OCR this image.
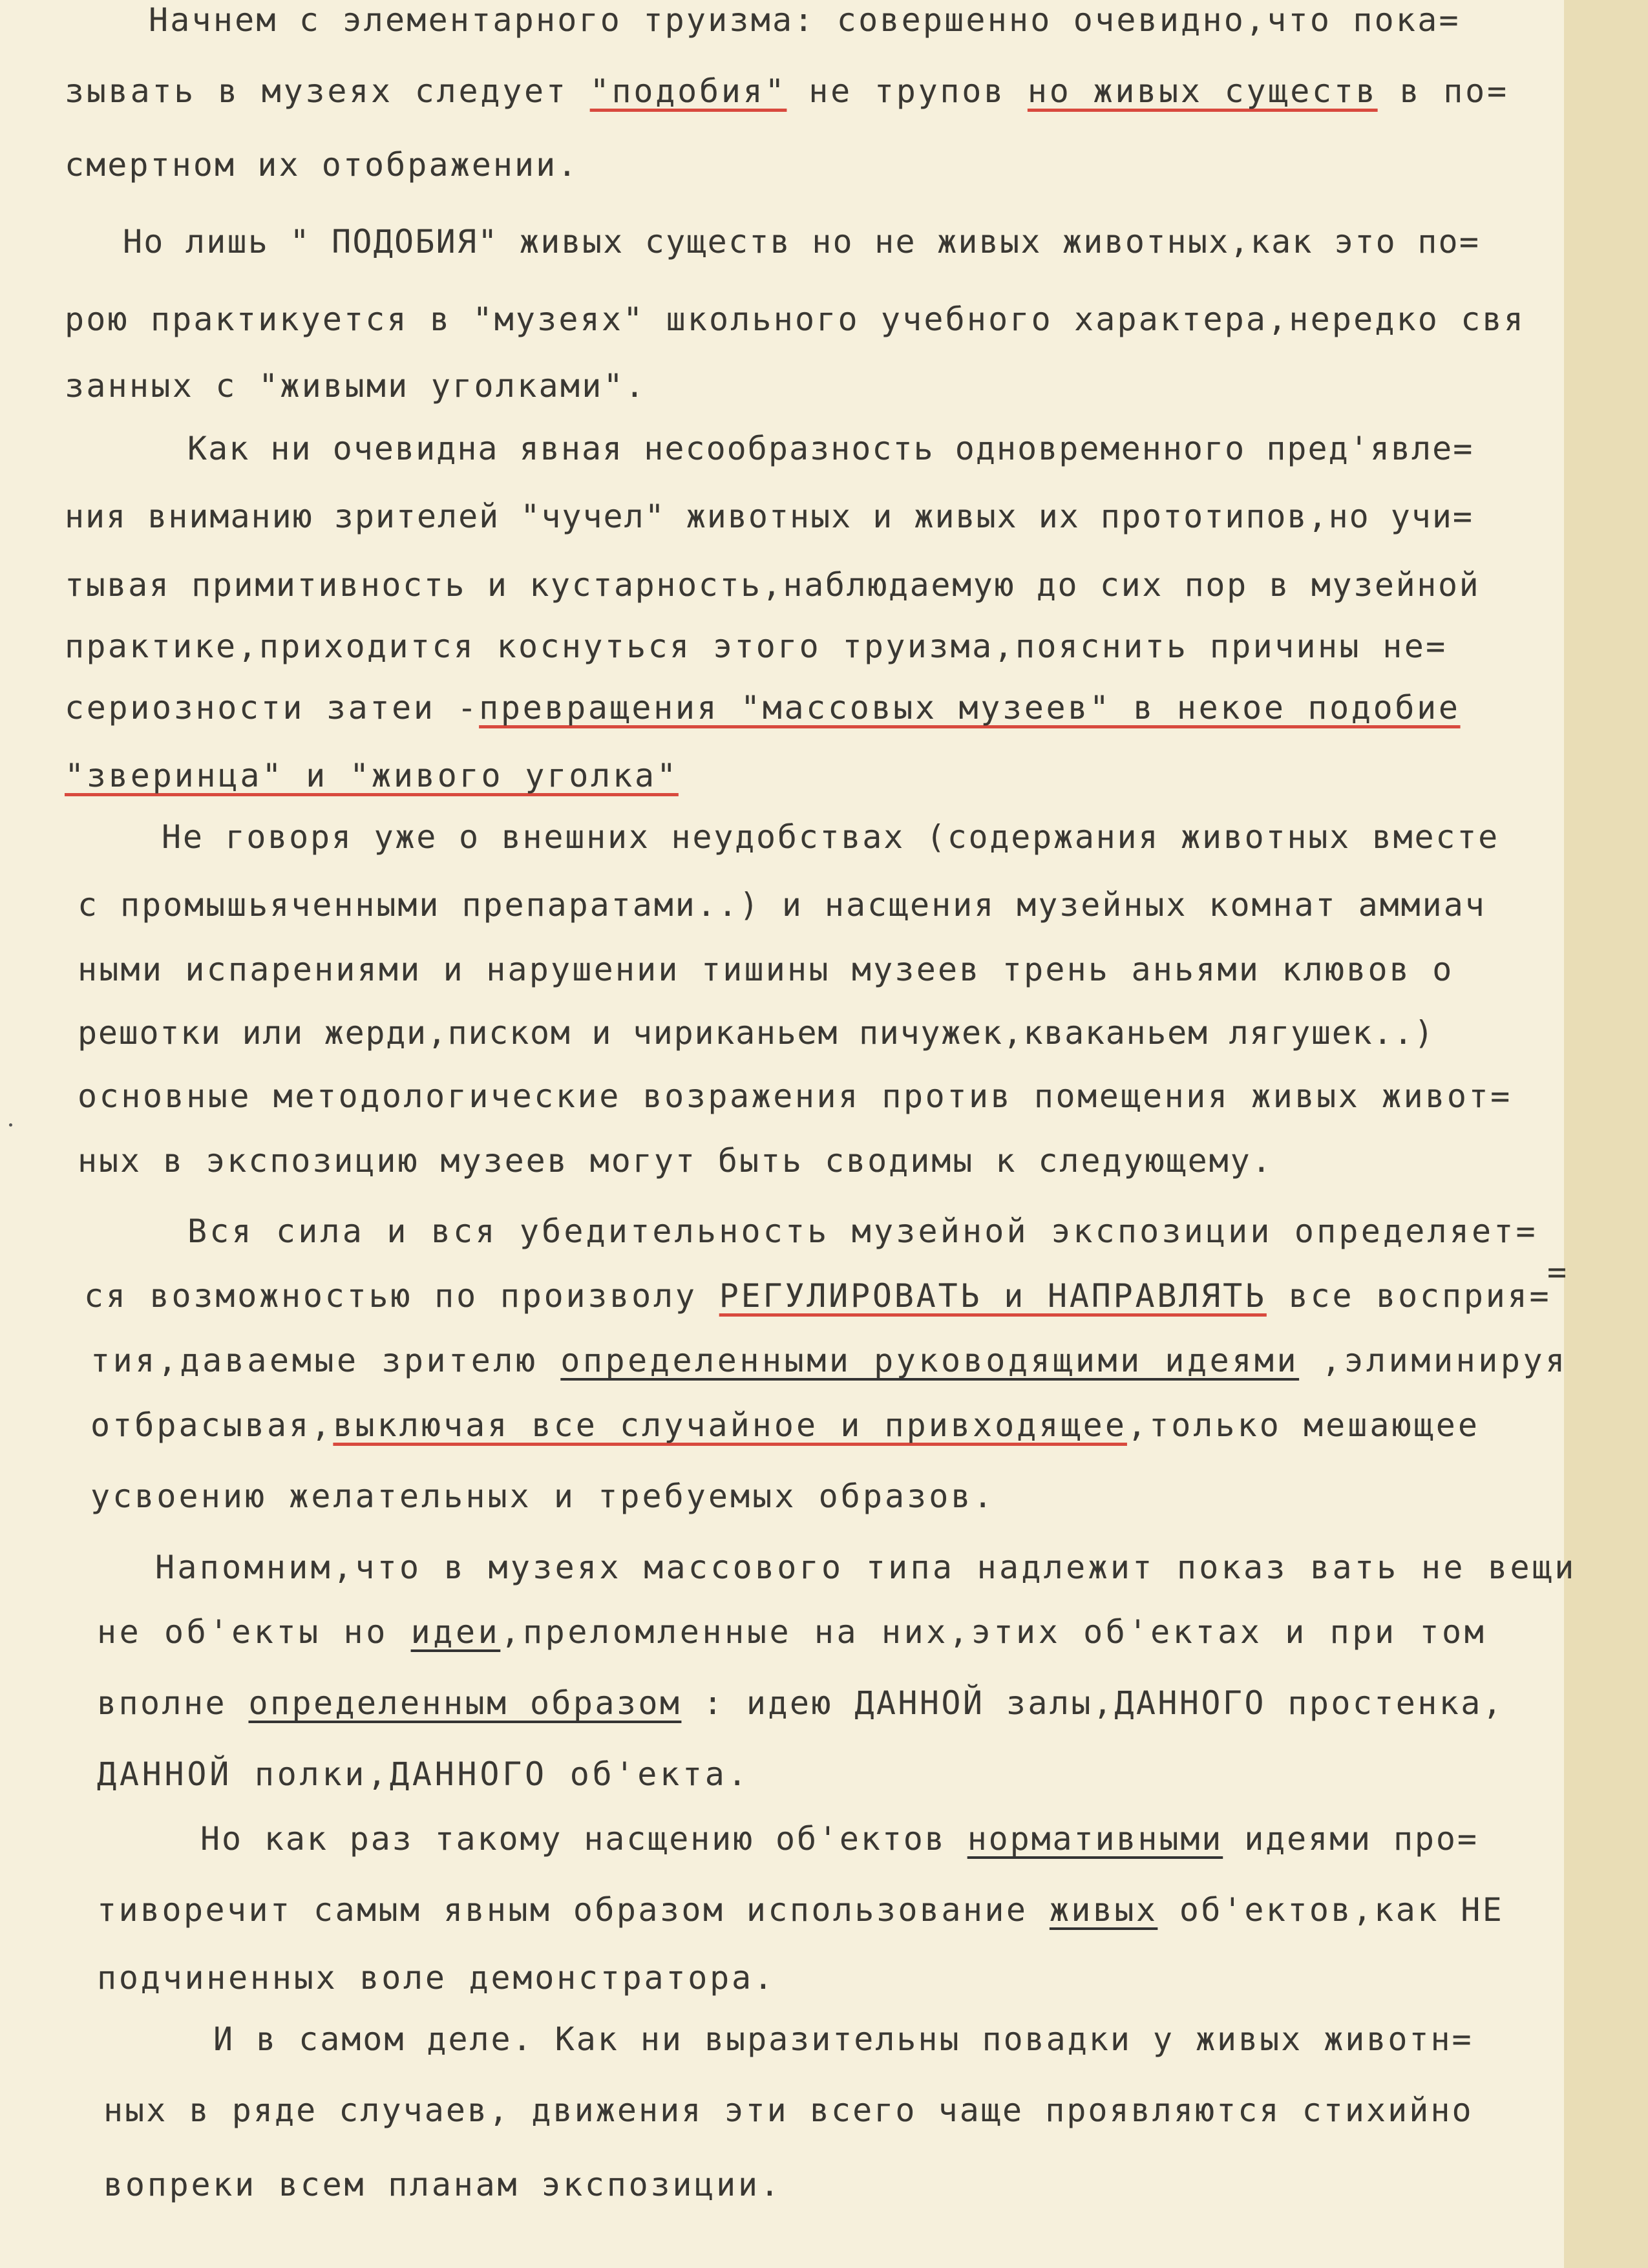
Начнем с элементарного труизма: совершенно очевидно,что пока=
зывать в музеях следует "подобия" не трупов но живых существ в по=
смертном их отображении.
Но лишь " ПОДОБИЯ" живых существ но не живых животных,как это по=
рою практикуется в "музеях" школьного учебного характера,нередко свя
занных с "живыми уголками".
Как ни очевидна явная несообразность одновременного пред'явле=
ния вниманию зрителей "чучел" животных и живых их прототипов,но учи=
тывая примитивность и кустарность,наблюдаемую до сих пор в музейной
практике,приходится коснуться этого труизма,пояснить причины не=
сериозности затеи -превращения "массовых музеев" в некое подобие
"зверинца" и "живого уголка"
Не говоря уже о внешних неудобствах (содержания животных вместе
с промышьяченными препаратами..) и насщения музейных комнат аммиач
ными испарениями и нарушении тишины музеев трень аньями клювов о
решотки или жерди,писком и чириканьем пичужек,кваканьем лягушек..)
основные методологические возражения против помещения живых живот=
ных в экспозицию музеев могут быть сводимы к следующему.
Вся сила и вся убедительность музейной экспозиции определяет=
ся возможностью по произволу РЕГУЛИРОВАТЬ и НАПРАВЛЯТЬ все восприя=
тия,даваемые зрителю определенными руководящими идеями ,элиминируя
отбрасывая,выключая все случайное и привходящее,только мешающее
усвоению желательных и требуемых образов.
Напомним,что в музеях массового типа надлежит показ вать не вещи
не об'екты но идеи,преломленные на них,этих об'ектах и при том
вполне определенным образом : идею ДАННОЙ залы,ДАННОГО простенка,
ДАННОЙ полки,ДАННОГО об'екта.
Но как раз такому насщению об'ектов нормативными идеями про=
тиворечит самым явным образом использование живых об'ектов,как НЕ
подчиненных воле демонстратора.
И в самом деле. Как ни выразительны повадки у живых животн=
ных в ряде случаев, движения эти всего чаще проявляются стихийно
вопреки всем планам экспозиции.
=
